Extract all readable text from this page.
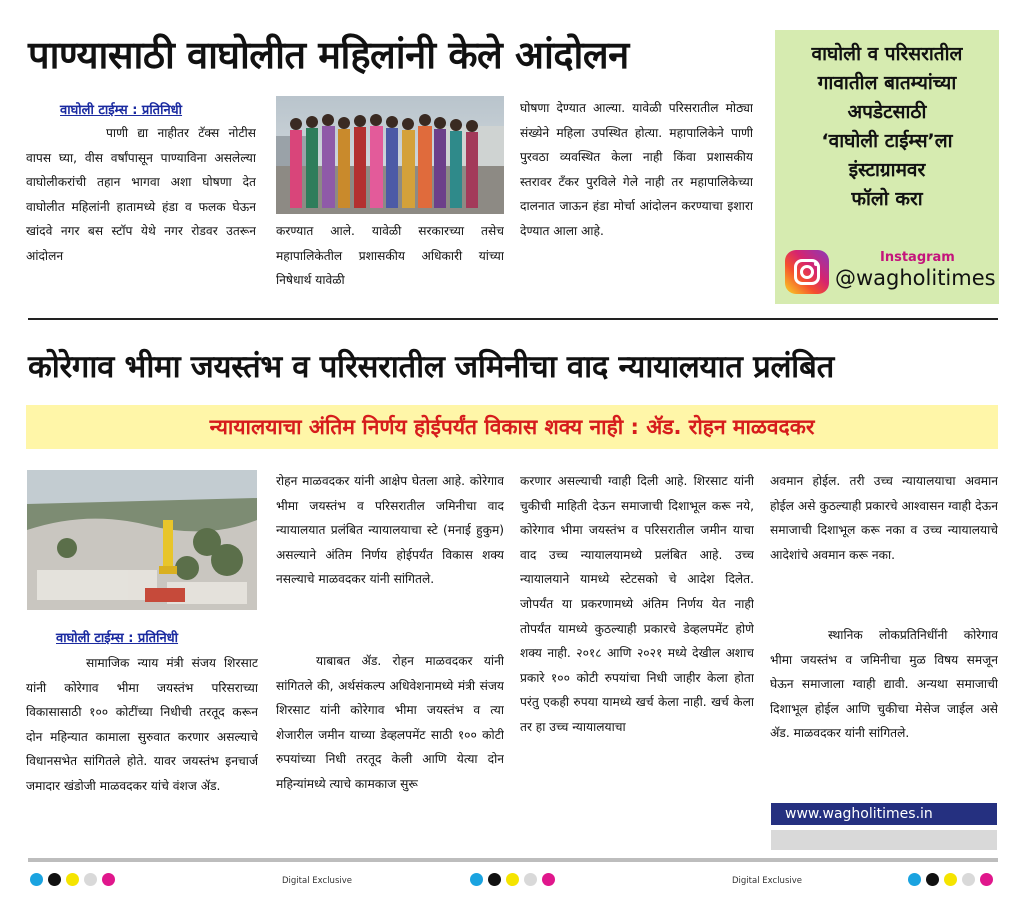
पाण्यासाठी वाघोलीत महिलांनी केले आंदोलन
वाघोली टाईम्स : प्रतिनिधी
पाणी द्या नाहीतर टॅक्स नोटीस वापस घ्या, वीस वर्षांपासून पाण्याविना असलेल्या वाघोलीकरांची तहान भागवा अशा घोषणा देत वाघोलीत महिलांनी हातामध्ये हंडा व फलक घेऊन खांदवे नगर बस स्टॉप येथे नगर रोडवर उतरून आंदोलन
करण्यात आले. यावेळी सरकारच्या तसेच महापालिकेतील प्रशासकीय अधिकारी यांच्या निषेधार्थ यावेळी
घोषणा देण्यात आल्या. यावेळी परिसरातील मोठ्या संख्येने महिला उपस्थित होत्या. महापालिकेने पाणी पुरवठा व्यवस्थित केला नाही किंवा प्रशासकीय स्तरावर टँकर पुरविले गेले नाही तर महापालिकेच्या दालनात जाऊन हंडा मोर्चा आंदोलन करण्याचा इशारा देण्यात आला आहे.
वाघोली व परिसरातील
गावातील बातम्यांच्या
अपडेटसाठी
‘वाघोली टाईम्स’ला
इंस्टाग्रामवर
फॉलो करा
Instagram
@wagholitimes
कोरेगाव भीमा जयस्तंभ व परिसरातील जमिनीचा वाद न्यायालयात प्रलंबित
न्यायालयाचा अंतिम निर्णय होईपर्यंत विकास शक्य नाही : ॲड. रोहन माळवदकर
वाघोली टाईम्स : प्रतिनिधी
सामाजिक न्याय मंत्री संजय शिरसाट यांनी कोरेगाव भीमा जयस्तंभ परिसराच्या विकासासाठी १०० कोटींच्या निधीची तरतूद करून दोन महिन्यात कामाला सुरुवात करणार असल्याचे विधानसभेत सांगितले होते. यावर जयस्तंभ इनचार्ज जमादार खंडोजी माळवदकर यांचे वंशज ॲड.
रोहन माळवदकर यांनी आक्षेप घेतला आहे. कोरेगाव भीमा जयस्तंभ व परिसरातील जमिनीचा वाद न्यायालयात प्रलंबित न्यायालयाचा स्टे (मनाई हुकुम) असल्याने अंतिम निर्णय होईपर्यंत विकास शक्य नसल्याचे माळवदकर यांनी सांगितले.
याबाबत ॲड. रोहन माळवदकर यांनी सांगितले की, अर्थसंकल्प अधिवेशनामध्ये मंत्री संजय शिरसाट यांनी कोरेगाव भीमा जयस्तंभ व त्या शेजारील जमीन याच्या डेव्हलपमेंट साठी १०० कोटी रुपयांच्या निधी तरतूद केली आणि येत्या दोन महिन्यांमध्ये त्याचे कामकाज सुरू
करणार असल्याची ग्वाही दिली आहे. शिरसाट यांनी चुकीची माहिती देऊन समाजाची दिशाभूल करू नये, कोरेगाव भीमा जयस्तंभ व परिसरातील जमीन याचा वाद उच्च न्यायालयामध्ये प्रलंबित आहे. उच्च न्यायालयाने यामध्ये स्टेटसको चे आदेश दिलेत. जोपर्यंत या प्रकरणामध्ये अंतिम निर्णय येत नाही तोपर्यंत यामध्ये कुठल्याही प्रकारचे डेव्हलपमेंट होणे शक्य नाही. २०१८ आणि २०२१ मध्ये देखील अशाच प्रकारे १०० कोटी रुपयांचा निधी जाहीर केला होता परंतु एकही रुपया यामध्ये खर्च केला नाही. खर्च केला तर हा उच्च न्यायालयाचा
अवमान होईल. तरी उच्च न्यायालयाचा अवमान होईल असे कुठल्याही प्रकारचे आश्वासन ग्वाही देऊन समाजाची दिशाभूल करू नका व उच्च न्यायालयाचे आदेशांचे अवमान करू नका.
स्थानिक लोकप्रतिनिधींनी कोरेगाव भीमा जयस्तंभ व जमिनीचा मुळ विषय समजून घेऊन समाजाला ग्वाही द्यावी. अन्यथा समाजाची दिशाभूल होईल आणि चुकीचा मेसेज जाईल असे ॲड. माळवदकर यांनी सांगितले.
www.wagholitimes.in
Digital Exclusive	Digital Exclusive
